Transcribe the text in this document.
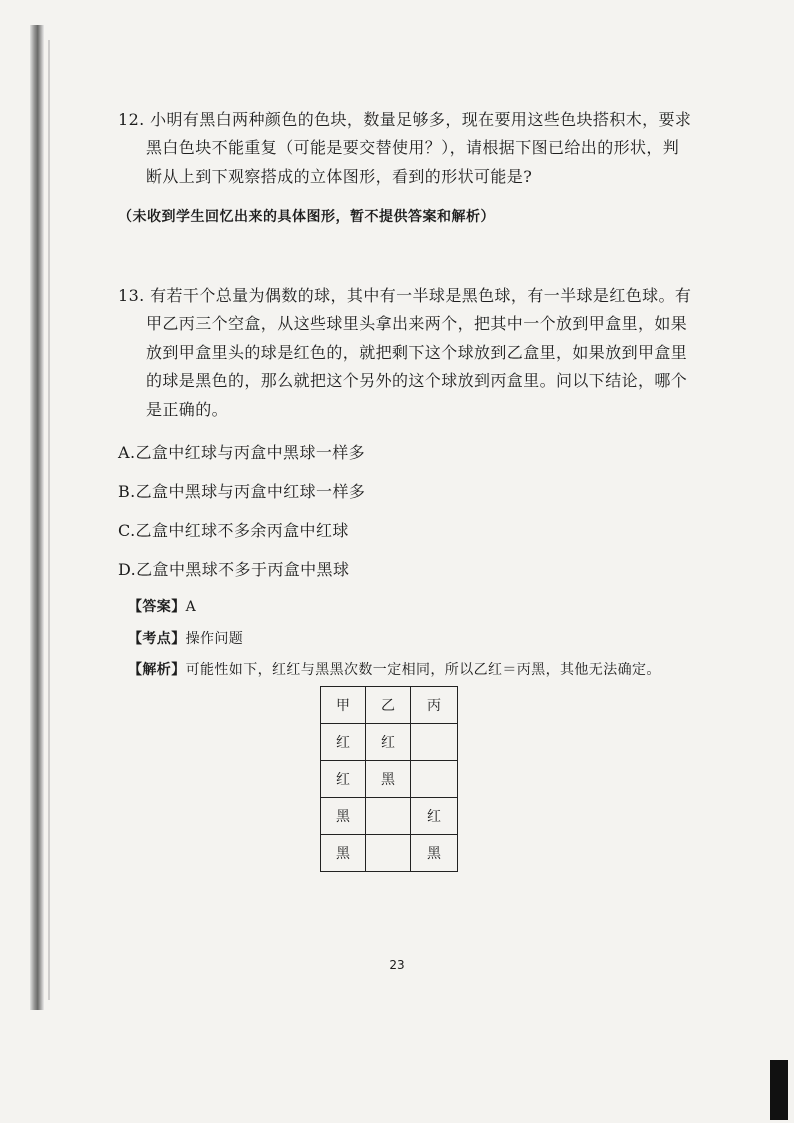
12. 小明有黑白两种颜色的色块，数量足够多，现在要用这些色块搭积木，要求
黑白色块不能重复（可能是要交替使用？），请根据下图已给出的形状，判
断从上到下观察搭成的立体图形，看到的形状可能是?
（未收到学生回忆出来的具体图形，暂不提供答案和解析）
13. 有若干个总量为偶数的球，其中有一半球是黑色球，有一半球是红色球。有
甲乙丙三个空盒，从这些球里头拿出来两个，把其中一个放到甲盒里，如果
放到甲盒里头的球是红色的，就把剩下这个球放到乙盒里，如果放到甲盒里
的球是黑色的，那么就把这个另外的这个球放到丙盒里。问以下结论，哪个
是正确的。
A.乙盒中红球与丙盒中黑球一样多
B.乙盒中黑球与丙盒中红球一样多
C.乙盒中红球不多余丙盒中红球
D.乙盒中黑球不多于丙盒中黑球
【答案】A
【考点】操作问题
【解析】可能性如下，红红与黑黑次数一定相同，所以乙红＝丙黑，其他无法确定。
甲	乙	丙
红	红	
红	黑	
黑		红
黑		黑
23
